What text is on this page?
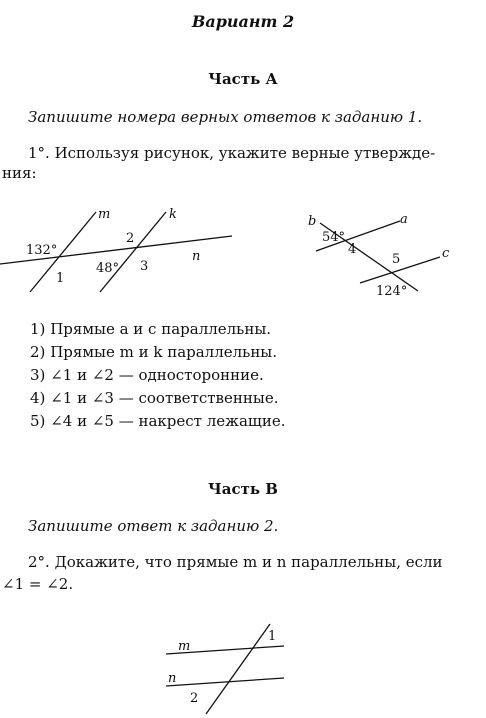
Вариант 2
Часть А
Запишите номера верных ответов к заданию 1.
1°. Используя рисунок, укажите верные утвержде-
ния:
m	k
n
132°
1
2
48° 3
b	a
c
54°
4
5
124°
1) Прямые a и c параллельны.
2) Прямые m и k параллельны.
3) ∠1 и ∠2 — односторонние.
4) ∠1 и ∠3 — соответственные.
5) ∠4 и ∠5 — накрест лежащие.
Часть В
Запишите ответ к заданию 2.
2°. Докажите, что прямые m и n параллельны, если
∠1 = ∠2.
m
n
1
2
